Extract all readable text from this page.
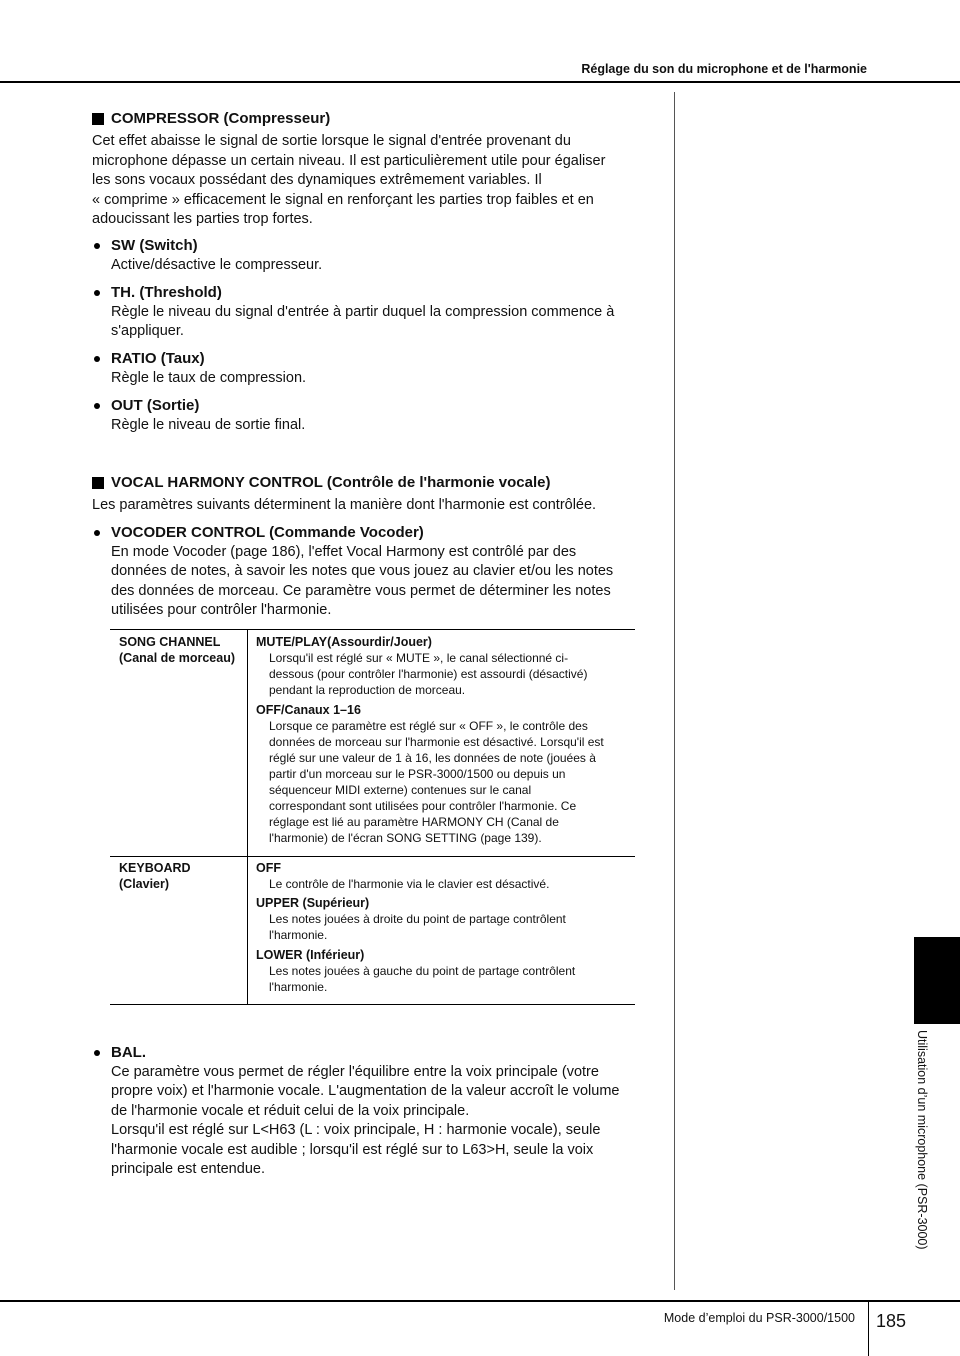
Réglage du son du microphone et de l'harmonie
COMPRESSOR (Compresseur)
Cet effet abaisse le signal de sortie lorsque le signal d'entrée provenant du
microphone dépasse un certain niveau. Il est particulièrement utile pour égaliser
les sons vocaux possédant des dynamiques extrêmement variables. Il
« comprime » efficacement le signal en renforçant les parties trop faibles et en
adoucissant les parties trop fortes.
SW (Switch)
Active/désactive le compresseur.
TH. (Threshold)
Règle le niveau du signal d'entrée à partir duquel la compression commence à
s'appliquer.
RATIO (Taux)
Règle le taux de compression.
OUT (Sortie)
Règle le niveau de sortie final.
VOCAL HARMONY CONTROL (Contrôle de l'harmonie vocale)
Les paramètres suivants déterminent la manière dont l'harmonie est contrôlée.
VOCODER CONTROL (Commande Vocoder)
En mode Vocoder (page 186), l'effet Vocal Harmony est contrôlé par des
données de notes, à savoir les notes que vous jouez au clavier et/ou les notes
des données de morceau. Ce paramètre vous permet de déterminer les notes
utilisées pour contrôler l'harmonie.
SONG CHANNEL
(Canal de morceau)
MUTE/PLAY(Assourdir/Jouer)
Lorsqu'il est réglé sur « MUTE », le canal sélectionné ci-
dessous (pour contrôler l'harmonie) est assourdi (désactivé)
pendant la reproduction de morceau.
OFF/Canaux 1–16
Lorsque ce paramètre est réglé sur « OFF », le contrôle des
données de morceau sur l'harmonie est désactivé. Lorsqu'il est
réglé sur une valeur de 1 à 16, les données de note (jouées à
partir d'un morceau sur le PSR-3000/1500 ou depuis un
séquenceur MIDI externe) contenues sur le canal
correspondant sont utilisées pour contrôler l'harmonie. Ce
réglage est lié au paramètre HARMONY CH (Canal de
l'harmonie) de l'écran SONG SETTING (page 139).
KEYBOARD
(Clavier)
OFF
Le contrôle de l'harmonie via le clavier est désactivé.
UPPER (Supérieur)
Les notes jouées à droite du point de partage contrôlent
l'harmonie.
LOWER (Inférieur)
Les notes jouées à gauche du point de partage contrôlent
l'harmonie.
BAL.
Ce paramètre vous permet de régler l'équilibre entre la voix principale (votre
propre voix) et l'harmonie vocale. L'augmentation de la valeur accroît le volume
de l'harmonie vocale et réduit celui de la voix principale.
Lorsqu'il est réglé sur L<H63 (L : voix principale, H : harmonie vocale), seule
l'harmonie vocale est audible ; lorsqu'il est réglé sur to L63>H, seule la voix
principale est entendue.	Utilisation d’un microphone (PSR-3000)
Mode d’emploi du PSR-3000/1500 185
